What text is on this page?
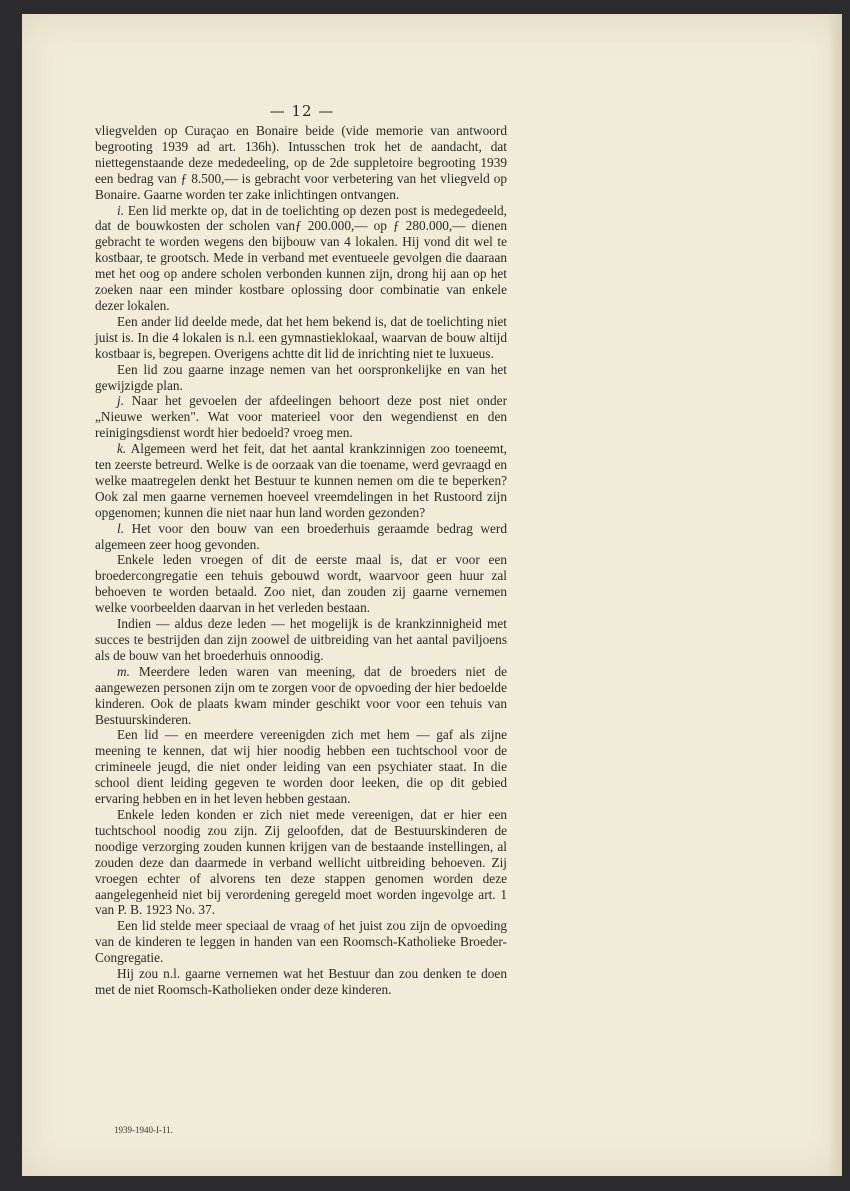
— 12 —

vliegvelden op Curaçao en Bonaire beide (vide memorie van antwoord begrooting 1939 ad art. 136h). Intusschen trok het de aandacht, dat niettegenstaande deze mededeeling, op de 2de suppletoire begrooting 1939 een bedrag van ƒ 8.500,— is gebracht voor verbetering van het vliegveld op Bonaire. Gaarne worden ter zake inlichtingen ontvangen.

i. Een lid merkte op, dat in de toelichting op dezen post is medegedeeld, dat de bouwkosten der scholen vanƒ 200.000,— op ƒ 280.000,— dienen gebracht te worden wegens den bijbouw van 4 lokalen. Hij vond dit wel te kostbaar, te grootsch. Mede in verband met eventueele gevolgen die daaraan met het oog op andere scholen verbonden kunnen zijn, drong hij aan op het zoeken naar een minder kostbare oplossing door combinatie van enkele dezer lokalen.

Een ander lid deelde mede, dat het hem bekend is, dat de toelichting niet juist is. In die 4 lokalen is n.l. een gymnastieklokaal, waarvan de bouw altijd kostbaar is, begrepen. Overigens achtte dit lid de inrichting niet te luxueus.

Een lid zou gaarne inzage nemen van het oorspronkelijke en van het gewijzigde plan.

j. Naar het gevoelen der afdeelingen behoort deze post niet onder „Nieuwe werken". Wat voor materieel voor den wegendienst en den reinigingsdienst wordt hier bedoeld? vroeg men.

k. Algemeen werd het feit, dat het aantal krankzinnigen zoo toeneemt, ten zeerste betreurd. Welke is de oorzaak van die toename, werd gevraagd en welke maatregelen denkt het Bestuur te kunnen nemen om die te beperken? Ook zal men gaarne vernemen hoeveel vreemdelingen in het Rustoord zijn opgenomen; kunnen die niet naar hun land worden gezonden?

l. Het voor den bouw van een broederhuis geraamde bedrag werd algemeen zeer hoog gevonden.

Enkele leden vroegen of dit de eerste maal is, dat er voor een broedercongregatie een tehuis gebouwd wordt, waarvoor geen huur zal behoeven te worden betaald. Zoo niet, dan zouden zij gaarne vernemen welke voorbeelden daarvan in het verleden bestaan.

Indien — aldus deze leden — het mogelijk is de krankzinnigheid met succes te bestrijden dan zijn zoowel de uitbreiding van het aantal paviljoens als de bouw van het broederhuis onnoodig.

m. Meerdere leden waren van meening, dat de broeders niet de aangewezen personen zijn om te zorgen voor de opvoeding der hier bedoelde kinderen. Ook de plaats kwam minder geschikt voor voor een tehuis van Bestuurskinderen.

Een lid — en meerdere vereenigden zich met hem — gaf als zijne meening te kennen, dat wij hier noodig hebben een tuchtschool voor de crimineele jeugd, die niet onder leiding van een psychiater staat. In die school dient leiding gegeven te worden door leeken, die op dit gebied ervaring hebben en in het leven hebben gestaan.

Enkele leden konden er zich niet mede vereenigen, dat er hier een tuchtschool noodig zou zijn. Zij geloofden, dat de Bestuurskinderen de noodige verzorging zouden kunnen krijgen van de bestaande instellingen, al zouden deze dan daarmede in verband wellicht uitbreiding behoeven. Zij vroegen echter of alvorens ten deze stappen genomen worden deze aangelegenheid niet bij verordening geregeld moet worden ingevolge art. 1 van P. B. 1923 No. 37.

Een lid stelde meer speciaal de vraag of het juist zou zijn de opvoeding van de kinderen te leggen in handen van een Roomsch-Katholieke Broeder-Congregatie.

Hij zou n.l. gaarne vernemen wat het Bestuur dan zou denken te doen met de niet Roomsch-Katholieken onder deze kinderen.

1939-1940-I-11.
